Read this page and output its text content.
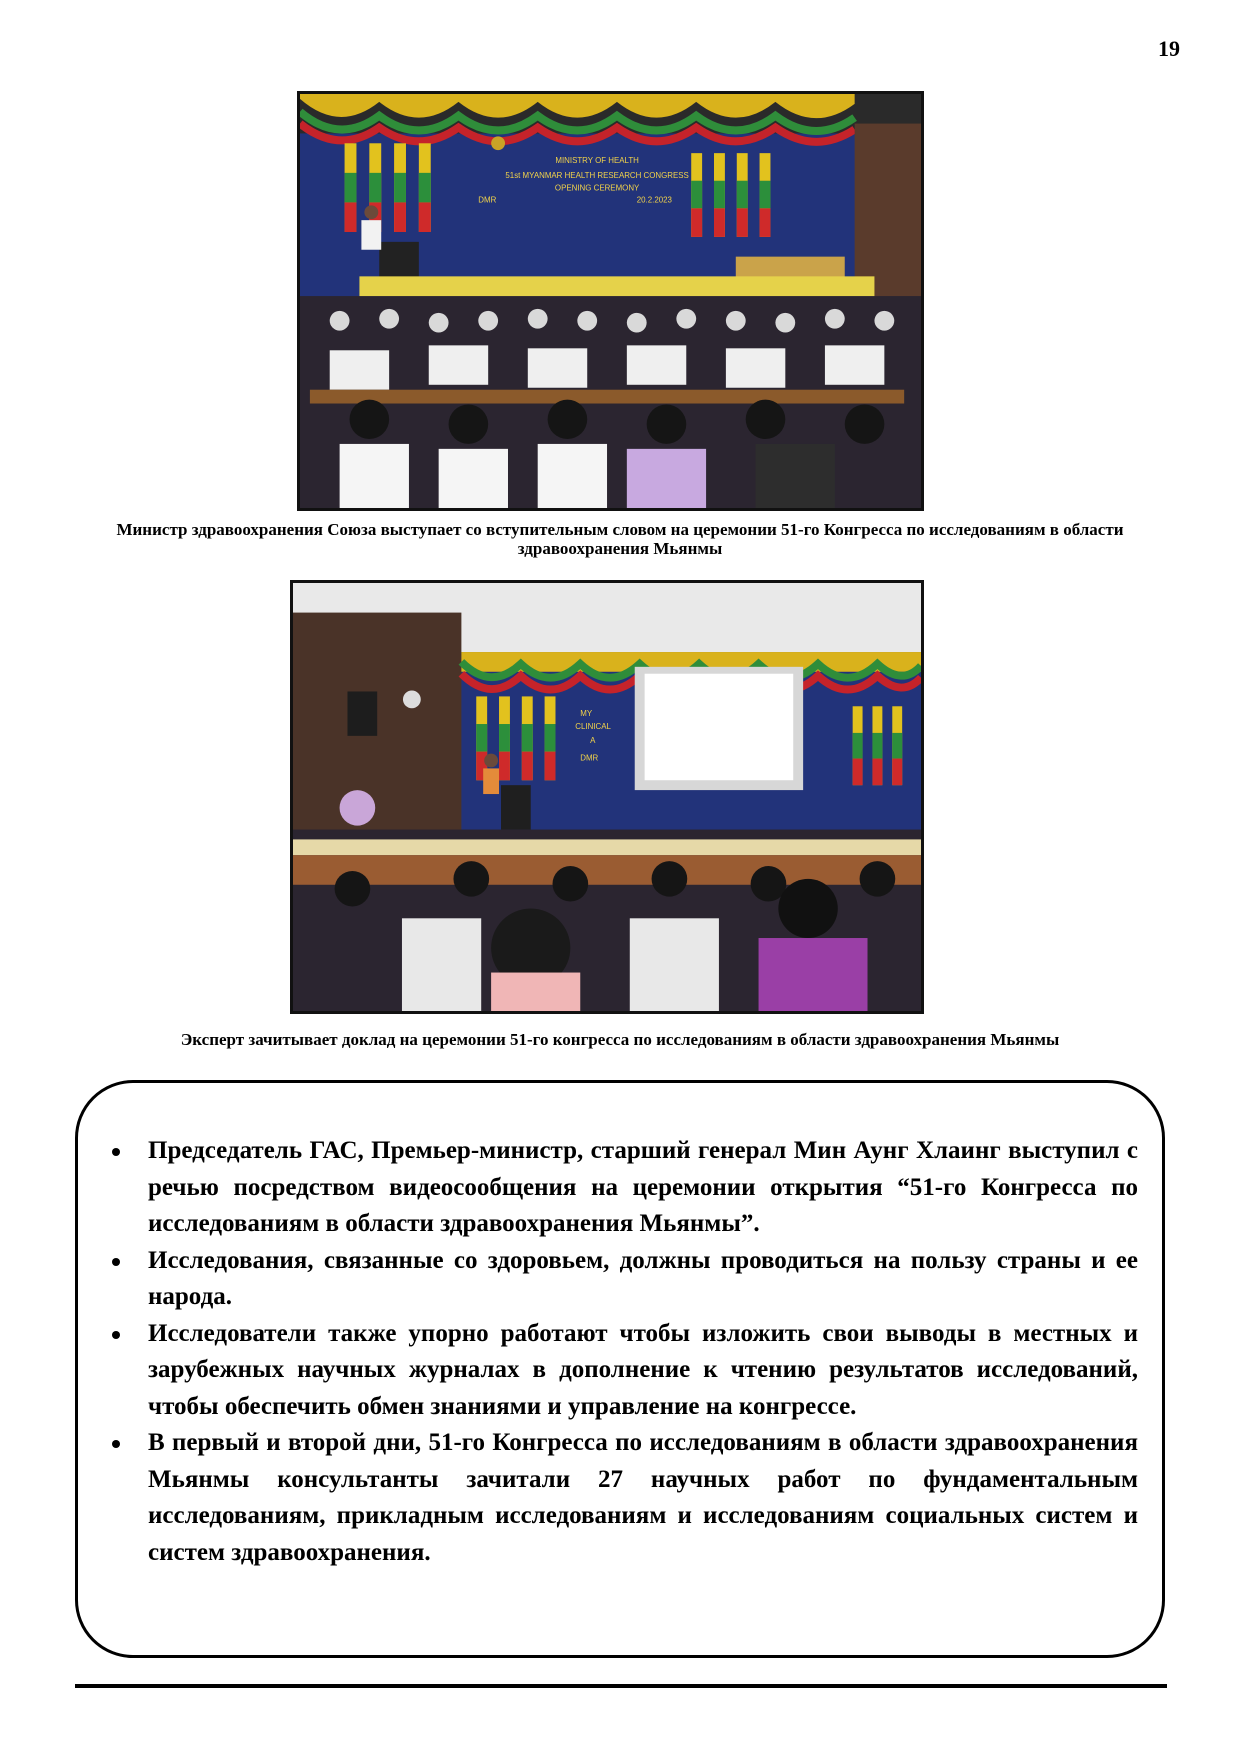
19
MINISTRY OF HEALTH
51st MYANMAR HEALTH RESEARCH CONGRESS
OPENING CEREMONY
DMR	20.2.2023
Министр здравоохранения Союза выступает со вступительным словом на церемонии 51-го Конгресса по исследованиям в области здравоохранения Мьянмы
MY
CLINICAL
A
DMR
Эксперт зачитывает доклад на церемонии 51-го конгресса по исследованиям в области здравоохранения Мьянмы
Председатель ГАС, Премьер-министр, старший генерал Мин Аунг Хлаинг выступил с речью посредством видеосообщения на церемонии открытия “51-го Конгресса по исследованиям в области здравоохранения Мьянмы”.
Исследования, связанные со здоровьем, должны проводиться на пользу страны и ее народа.
Исследователи также упорно работают чтобы изложить свои выводы в местных и зарубежных научных журналах в дополнение к чтению результатов исследований, чтобы обеспечить обмен знаниями и управление на конгрессе.
В первый и второй дни, 51-го Конгресса по исследованиям в области здравоохранения Мьянмы консультанты зачитали 27 научных работ по фундаментальным исследованиям, прикладным исследованиям и исследованиям социальных систем и систем здравоохранения.
